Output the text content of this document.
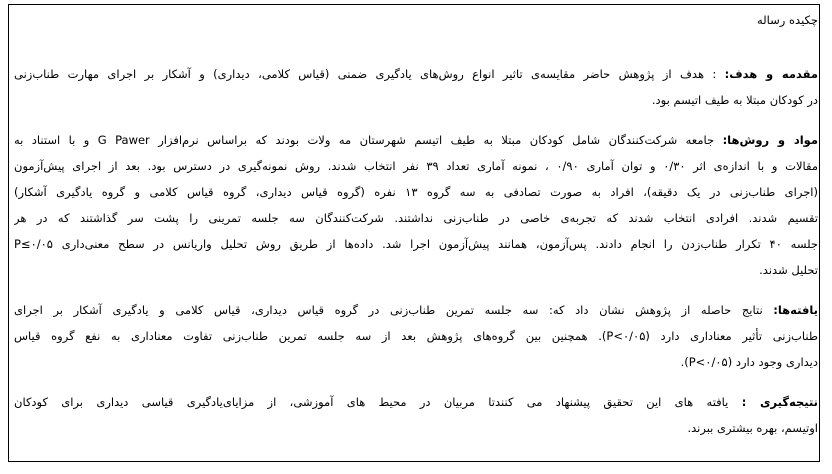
چکیده رساله
مقدمه و هدف: : هدف از پژوهش حاضر مقایسه‌ی تاثیر انواع روش‌های یادگیری ضمنی (قیاس کلامی، دیداری) و آشکار بر اجرای مهارت طناب‌زنی
در کودکان مبتلا به طیف اتیسم بود.
مواد و روش‌ها: جامعه شرکت‌کنندگان شامل کودکان مبتلا به طیف اتیسم شهرستان مه ولات بودند که براساس نرم‌افزار G Pawer و با استناد به
مقالات و با اندازه‌ی اثر ۰/۳۰ و توان آماری ۰/۹۰ ، نمونه آماری تعداد ۳۹ نفر انتخاب شدند. روش نمونه‌گیری در دسترس بود. بعد از اجرای پیش‌آزمون
(اجرای طناب‌زنی در یک دقیقه)، افراد به صورت تصادفی به سه گروه ۱۳ نفره (گروه قیاس دیداری، گروه قیاس کلامی و گروه یادگیری آشکار)
تقسیم شدند. افرادی انتخاب شدند که تجربه‌ی خاصی در طناب‌زنی نداشتند. شرکت‌کنندگان سه جلسه تمرینی را پشت سر گذاشتند که در هر
جلسه ۴۰ تکرار طناب‌زدن را انجام دادند. پس‌آزمون، همانند پیش‌آزمون اجرا شد. داده‌ها از طریق روش تحلیل واریانس در سطح معنی‌داری P≤۰/۰۵
تحلیل شدند.
یافته‌ها: نتایج حاصله از پژوهش نشان داد که: سه جلسه تمرین طناب‌زنی در گروه قیاس دیداری، قیاس کلامی و یادگیری آشکار بر اجرای
طناب‌زنی تأثیر معناداری دارد (P<۰/۰۵). همچنین بین گروه‌های پژوهش بعد از سه جلسه تمرین طناب‌زنی تفاوت معناداری به نفع گروه قیاس
دیداری وجود دارد (P<۰/۰۵).
نتیجه‌گیری : یافته های این تحقیق پیشنهاد می کنند‌تا مربیان در محیط های آموزشی، از مزایای‌یادگیری قیاسی دیداری برای کودکان
اوتیسم، بهره بیشتری ببرند.
